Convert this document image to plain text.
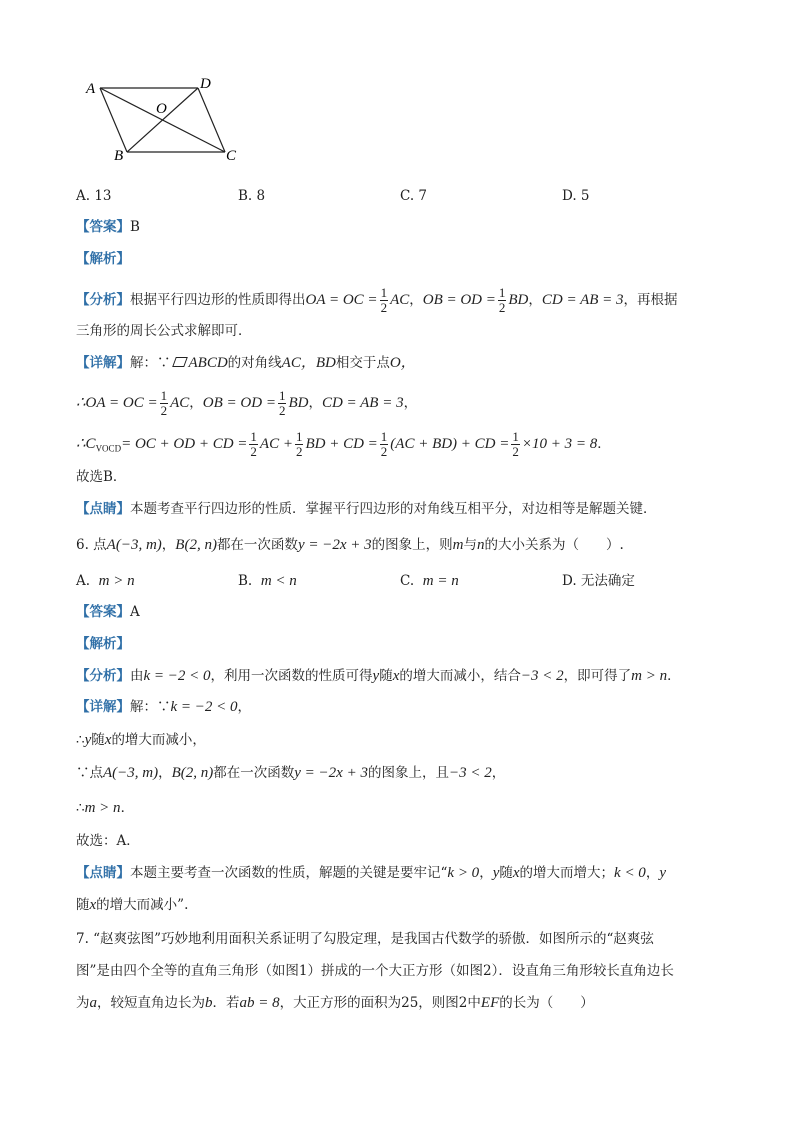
A	D
O
B	C
A. 13	B. 8	C. 7	D. 5
【答案】B
【解析】
【分析】根据平行四边形的性质即得出OA = OC = $\frac{1}{2}$ AC，OB = OD = $\frac{1}{2}$ BD，CD = AB = 3，再根据
三角形的周长公式求解即可．
【详解】解：∵ ABCD的对角线AC，BD相交于点O，
∴OA = OC = $\frac{1}{2}$ AC，OB = OD = $\frac{1}{2}$ BD，CD = AB = 3，
$\therefore C_{VOCD}=$ OC + OD + CD = $\frac{1}{2}$ AC + $\frac{1}{2}$ BD + CD = $\frac{1}{2} (AC + BD)$ + CD = $\frac{1}{2} \times 10 + 3 = 8$．
故选B．
【点睛】本题考查平行四边形的性质．掌握平行四边形的对角线互相平分，对边相等是解题关键．
6. 点A(−3, m)，B(2, n)都在一次函数y = −2x + 3的图象上，则m与n的大小关系为（　　）.
A. m > n	B. m < n	C. m = n	D. 无法确定
【答案】A
【解析】
【分析】由k = −2 < 0，利用一次函数的性质可得y随x的增大而减小，结合−3 < 2，即可得了m > n．
【详解】解：∵k = −2 < 0，
∴y随x的增大而减小，
∵点A(−3, m)，B(2, n)都在一次函数y = −2x + 3的图象上，且−3 < 2，
∴m > n．
故选：A．
【点睛】本题主要考查一次函数的性质，解题的关键是要牢记“k > 0，y随x的增大而增大；k < 0，y
随x的增大而减小”.
7. “赵爽弦图”巧妙地利用面积关系证明了勾股定理，是我国古代数学的骄傲．如图所示的“赵爽弦
图”是由四个全等的直角三角形（如图1）拼成的一个大正方形（如图2）．设直角三角形较长直角边长
为a，较短直角边长为b．若ab = 8，大正方形的面积为25，则图2中EF的长为（　　）
